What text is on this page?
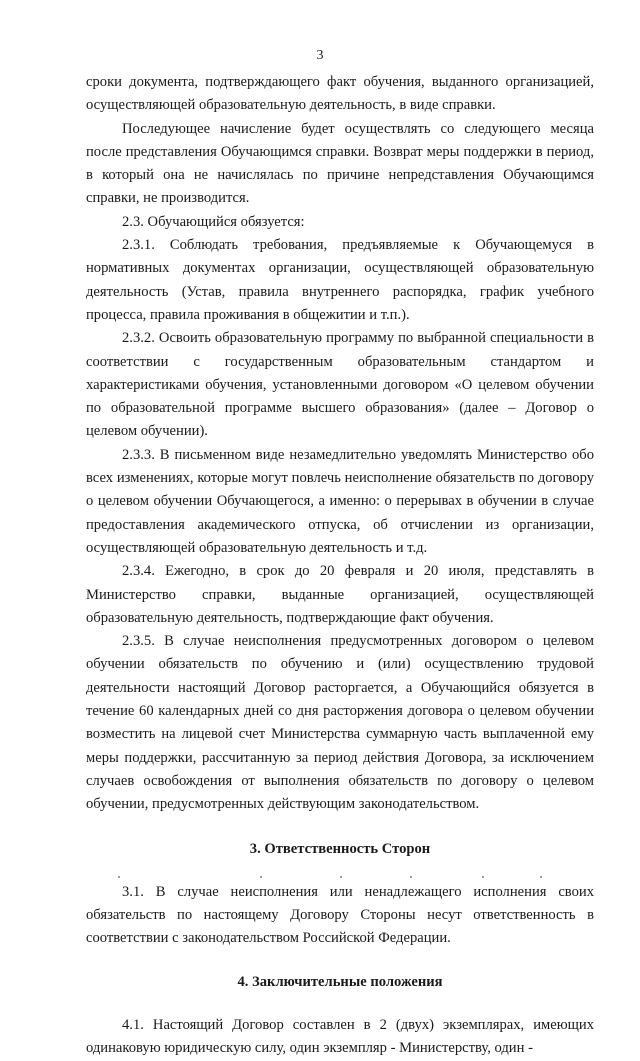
3

сроки документа, подтверждающего факт обучения, выданного организацией, осуществляющей образовательную деятельность, в виде справки.

Последующее начисление будет осуществлять со следующего месяца после представления Обучающимся справки. Возврат меры поддержки в период, в который она не начислялась по причине непредставления Обучающимся справки, не производится.

2.3. Обучающийся обязуется:

2.3.1. Соблюдать требования, предъявляемые к Обучающемуся в нормативных документах организации, осуществляющей образовательную деятельность (Устав, правила внутреннего распорядка, график учебного процесса, правила проживания в общежитии и т.п.).

2.3.2. Освоить образовательную программу по выбранной специальности в соответствии с государственным образовательным стандартом и характеристиками обучения, установленными договором «О целевом обучении по образовательной программе высшего образования» (далее – Договор о целевом обучении).

2.3.3. В письменном виде незамедлительно уведомлять Министерство обо всех изменениях, которые могут повлечь неисполнение обязательств по договору о целевом обучении Обучающегося, а именно: о перерывах в обучении в случае предоставления академического отпуска, об отчислении из организации, осуществляющей образовательную деятельность и т.д.

2.3.4. Ежегодно, в срок до 20 февраля и 20 июля, представлять в Министерство справки, выданные организацией, осуществляющей образовательную деятельность, подтверждающие факт обучения.

2.3.5. В случае неисполнения предусмотренных договором о целевом обучении обязательств по обучению и (или) осуществлению трудовой деятельности настоящий Договор расторгается, а Обучающийся обязуется в течение 60 календарных дней со дня расторжения договора о целевом обучении возместить на лицевой счет Министерства суммарную часть выплаченной ему меры поддержки, рассчитанную за период действия Договора, за исключением случаев освобождения от выполнения обязательств по договору о целевом обучении, предусмотренных действующим законодательством.

3. Ответственность Сторон

3.1. В случае неисполнения или ненадлежащего исполнения своих обязательств по настоящему Договору Стороны несут ответственность в соответствии с законодательством Российской Федерации.

4. Заключительные положения

4.1. Настоящий Договор составлен в 2 (двух) экземплярах, имеющих одинаковую юридическую силу, один экземпляр - Министерству, один -
